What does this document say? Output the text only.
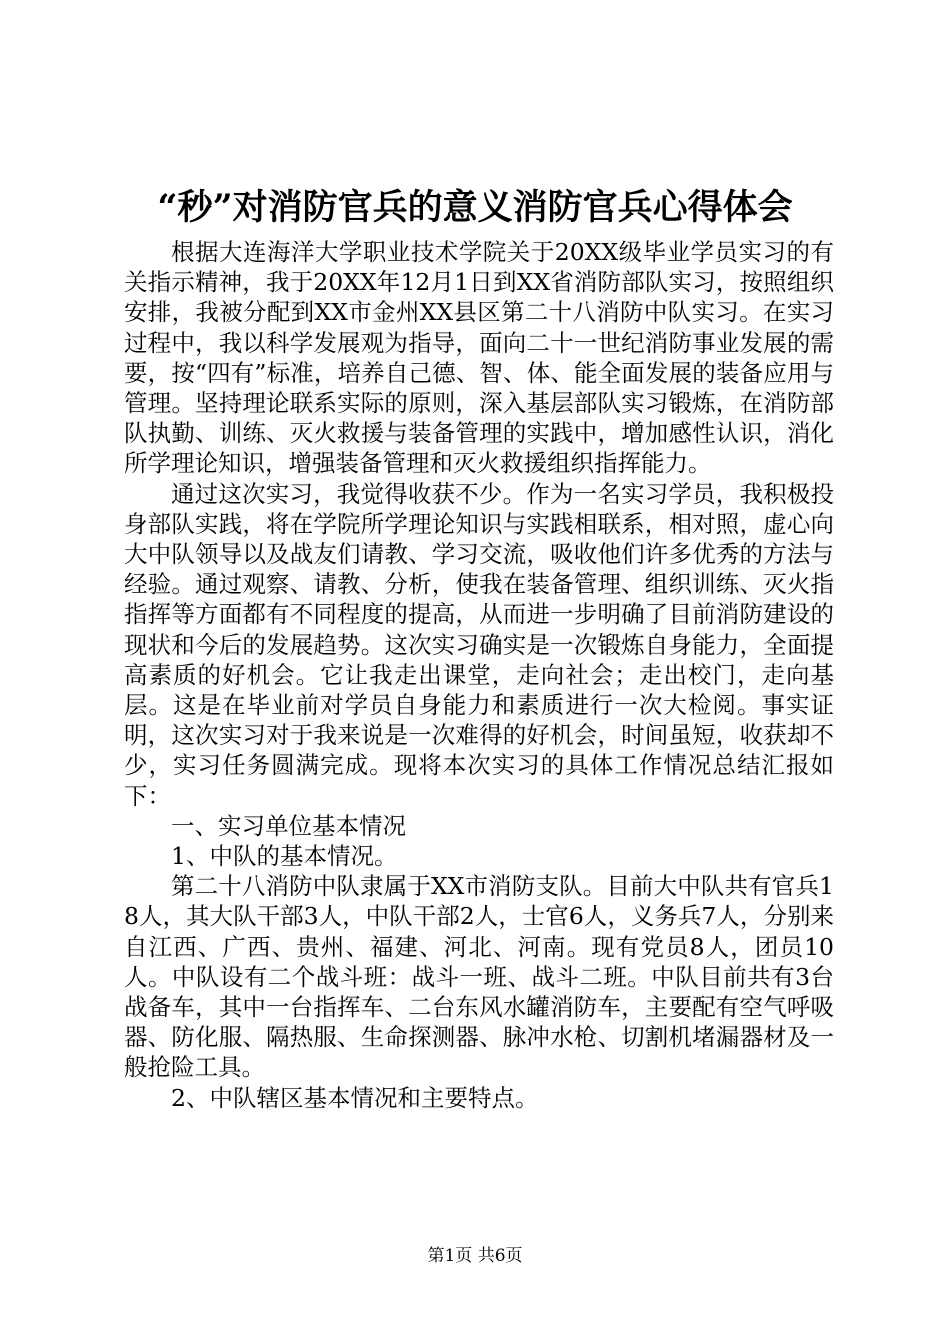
“秒”对消防官兵的意义消防官兵心得体会

根据大连海洋大学职业技术学院关于20XX级毕业学员实习的有关指示精神，我于20XX年12月1日到XX省消防部队实习，按照组织安排，我被分配到XX市金州XX县区第二十八消防中队实习。在实习过程中，我以科学发展观为指导，面向二十一世纪消防事业发展的需要，按“四有”标准，培养自己德、智、体、能全面发展的装备应用与管理。坚持理论联系实际的原则，深入基层部队实习锻炼，在消防部队执勤、训练、灭火救援与装备管理的实践中，增加感性认识，消化所学理论知识，增强装备管理和灭火救援组织指挥能力。

通过这次实习，我觉得收获不少。作为一名实习学员，我积极投身部队实践，将在学院所学理论知识与实践相联系，相对照，虚心向大中队领导以及战友们请教、学习交流，吸收他们许多优秀的方法与经验。通过观察、请教、分析，使我在装备管理、组织训练、灭火指指挥等方面都有不同程度的提高，从而进一步明确了目前消防建设的现状和今后的发展趋势。这次实习确实是一次锻炼自身能力，全面提高素质的好机会。它让我走出课堂，走向社会；走出校门，走向基层。这是在毕业前对学员自身能力和素质进行一次大检阅。事实证明，这次实习对于我来说是一次难得的好机会，时间虽短，收获却不少，实习任务圆满完成。现将本次实习的具体工作情况总结汇报如下：

一、实习单位基本情况

1、中队的基本情况。

第二十八消防中队隶属于XX市消防支队。目前大中队共有官兵18人，其大队干部3人，中队干部2人，士官6人，义务兵7人，分别来自江西、广西、贵州、福建、河北、河南。现有党员8人，团员10人。中队设有二个战斗班：战斗一班、战斗二班。中队目前共有3台战备车，其中一台指挥车、二台东风水罐消防车，主要配有空气呼吸器、防化服、隔热服、生命探测器、脉冲水枪、切割机堵漏器材及一般抢险工具。

2、中队辖区基本情况和主要特点。

第1页 共6页
